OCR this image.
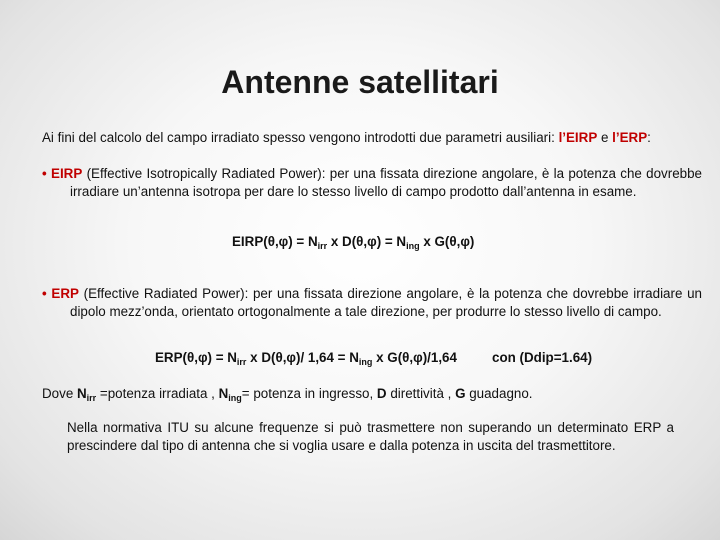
Antenne satellitari
Ai fini del calcolo del campo irradiato spesso vengono introdotti due parametri ausiliari: l’EIRP e l’ERP:
• EIRP (Effective Isotropically Radiated Power): per una fissata direzione angolare, è la potenza che dovrebbe irradiare un’antenna isotropa per dare lo stesso livello di campo prodotto dall’antenna in esame.
EIRP(θ,φ) = $N_{irr}$ x $D(\theta,\varphi) = N_{ing}$ x G(θ,φ)
• ERP (Effective Radiated Power): per una fissata direzione angolare, è la potenza che dovrebbe irradiare un dipolo mezz’onda, orientato ortogonalmente a tale direzione, per produrre lo stesso livello di campo.
$ERP(\theta,\varphi) = N_{irr}$ x D(θ,φ)/ $1,64 = N_{ing}$ x G(θ,φ)/1,64	con (Ddip=1.64)
Dove $N_{irr}$ =potenza irradiata , $N_{ing}=$ potenza in ingresso, D direttività , G guadagno.
Nella normativa ITU su alcune frequenze si può trasmettere non superando un determinato ERP a prescindere dal tipo di antenna che si voglia usare e dalla potenza in uscita del trasmettitore.
